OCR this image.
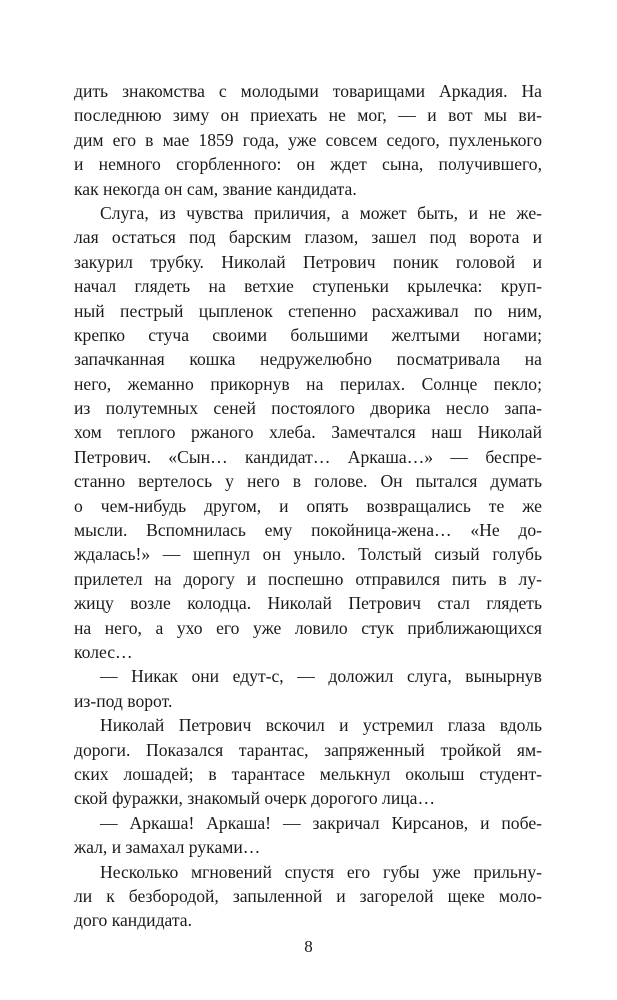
дить знакомства с молодыми товарищами Аркадия. На
последнюю зиму он приехать не мог, — и вот мы ви-
дим его в мае 1859 года, уже совсем седого, пухленького
и немного сгорбленного: он ждет сына, получившего,
как некогда он сам, звание кандидата.
Слуга, из чувства приличия, а может быть, и не же-
лая остаться под барским глазом, зашел под ворота и
закурил трубку. Николай Петрович поник головой и
начал глядеть на ветхие ступеньки крылечка: круп-
ный пестрый цыпленок степенно расхаживал по ним,
крепко стуча своими большими желтыми ногами;
запачканная кошка недружелюбно посматривала на
него, жеманно прикорнув на перилах. Солнце пекло;
из полутемных сеней постоялого дворика несло запа-
хом теплого ржаного хлеба. Замечтался наш Николай
Петрович. «Сын… кандидат… Аркаша…» — беспре-
станно вертелось у него в голове. Он пытался думать
о чем-нибудь другом, и опять возвращались те же
мысли. Вспомнилась ему покойница-жена… «Не до-
ждалась!» — шепнул он уныло. Толстый сизый голубь
прилетел на дорогу и поспешно отправился пить в лу-
жицу возле колодца. Николай Петрович стал глядеть
на него, а ухо его уже ловило стук приближающихся
колес…
— Никак они едут-с, — доложил слуга, вынырнув
из-под ворот.
Николай Петрович вскочил и устремил глаза вдоль
дороги. Показался тарантас, запряженный тройкой ям-
ских лошадей; в тарантасе мелькнул околыш студент-
ской фуражки, знакомый очерк дорогого лица…
— Аркаша! Аркаша! — закричал Кирсанов, и побе-
жал, и замахал руками…
Несколько мгновений спустя его губы уже прильну-
ли к безбородой, запыленной и загорелой щеке моло-
дого кандидата.
8
